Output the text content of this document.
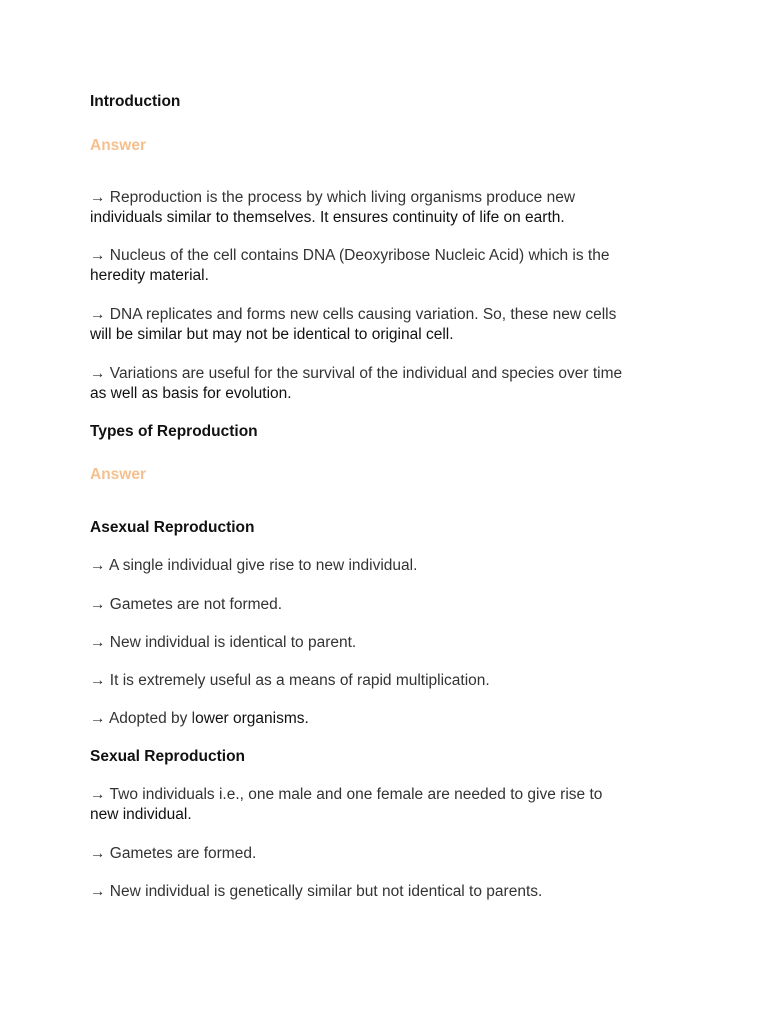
Introduction

Answer

→ Reproduction is the process by which living organisms produce new
individuals similar to themselves. It ensures continuity of life on earth.

→ Nucleus of the cell contains DNA (Deoxyribose Nucleic Acid) which is the
heredity material.

→ DNA replicates and forms new cells causing variation. So, these new cells
will be similar but may not be identical to original cell.

→ Variations are useful for the survival of the individual and species over time
as well as basis for evolution.

Types of Reproduction

Answer

Asexual Reproduction

→ A single individual give rise to new individual.

→ Gametes are not formed.

→ New individual is identical to parent.

→ It is extremely useful as a means of rapid multiplication.

→ Adopted by lower organisms.

Sexual Reproduction

→ Two individuals i.e., one male and one female are needed to give rise to
new individual.

→ Gametes are formed.

→ New individual is genetically similar but not identical to parents.
